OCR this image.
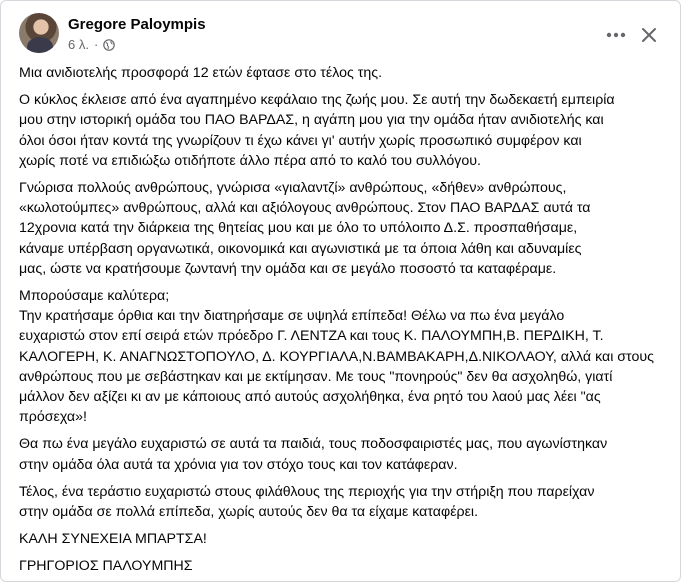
Gregore Paloympis
6 λ. ·

Μια ανιδιοτελής προσφορά 12 ετών έφτασε στο τέλος της.

Ο κύκλος έκλεισε από ένα αγαπημένο κεφάλαιο της ζωής μου. Σε αυτή την δωδεκαετή εμπειρία
μου στην ιστορική ομάδα του ΠΑΟ ΒΑΡΔΑΣ, η αγάπη μου για την ομάδα ήταν ανιδιοτελής και
όλοι όσοι ήταν κοντά της γνωρίζουν τι έχω κάνει γι' αυτήν χωρίς προσωπικό συμφέρον και
χωρίς ποτέ να επιδιώξω οτιδήποτε άλλο πέρα από το καλό του συλλόγου.

Γνώρισα πολλούς ανθρώπους, γνώρισα «γιαλαντζί» ανθρώπους, «δήθεν» ανθρώπους,
«κωλοτούμπες» ανθρώπους, αλλά και αξιόλογους ανθρώπους. Στον ΠΑΟ ΒΑΡΔΑΣ αυτά τα
12χρονια κατά την διάρκεια της θητείας μου και με όλο το υπόλοιπο Δ.Σ. προσπαθήσαμε,
κάναμε υπέρβαση οργανωτικά, οικονομικά και αγωνιστικά με τα όποια λάθη και αδυναμίες
μας, ώστε να κρατήσουμε ζωντανή την ομάδα και σε μεγάλο ποσοστό τα καταφέραμε.

Μπορούσαμε καλύτερα;
Την κρατήσαμε όρθια και την διατηρήσαμε σε υψηλά επίπεδα! Θέλω να πω ένα μεγάλο
ευχαριστώ στον επί σειρά ετών πρόεδρο Γ. ΛΕΝΤΖΑ και τους Κ. ΠΑΛΟΥΜΠΗ,Β. ΠΕΡΔΙΚΗ, Τ.
ΚΑΛΟΓΕΡΗ, Κ. ΑΝΑΓΝΩΣΤΟΠΟΥΛΟ, Δ. ΚΟΥΡΓΙΑΛΑ,Ν.ΒΑΜΒΑΚΑΡΗ,Δ.ΝΙΚΟΛΑΟΥ, αλλά και στους
ανθρώπους που με σεβάστηκαν και με εκτίμησαν. Με τους "πονηρούς" δεν θα ασχοληθώ, γιατί
μάλλον δεν αξίζει κι αν με κάποιους από αυτούς ασχολήθηκα, ένα ρητό του λαού μας λέει "ας
πρόσεχα»!

Θα πω ένα μεγάλο ευχαριστώ σε αυτά τα παιδιά, τους ποδοσφαιριστές μας, που αγωνίστηκαν
στην ομάδα όλα αυτά τα χρόνια για τον στόχο τους και τον κατάφεραν.

Τέλος, ένα τεράστιο ευχαριστώ στους φιλάθλους της περιοχής για την στήριξη που παρείχαν
στην ομάδα σε πολλά επίπεδα, χωρίς αυτούς δεν θα τα είχαμε καταφέρει.

ΚΑΛΗ ΣΥΝΕΧΕΙΑ ΜΠΑΡΤΣΑ!

ΓΡΗΓΟΡΙΟΣ ΠΑΛΟΥΜΠΗΣ
